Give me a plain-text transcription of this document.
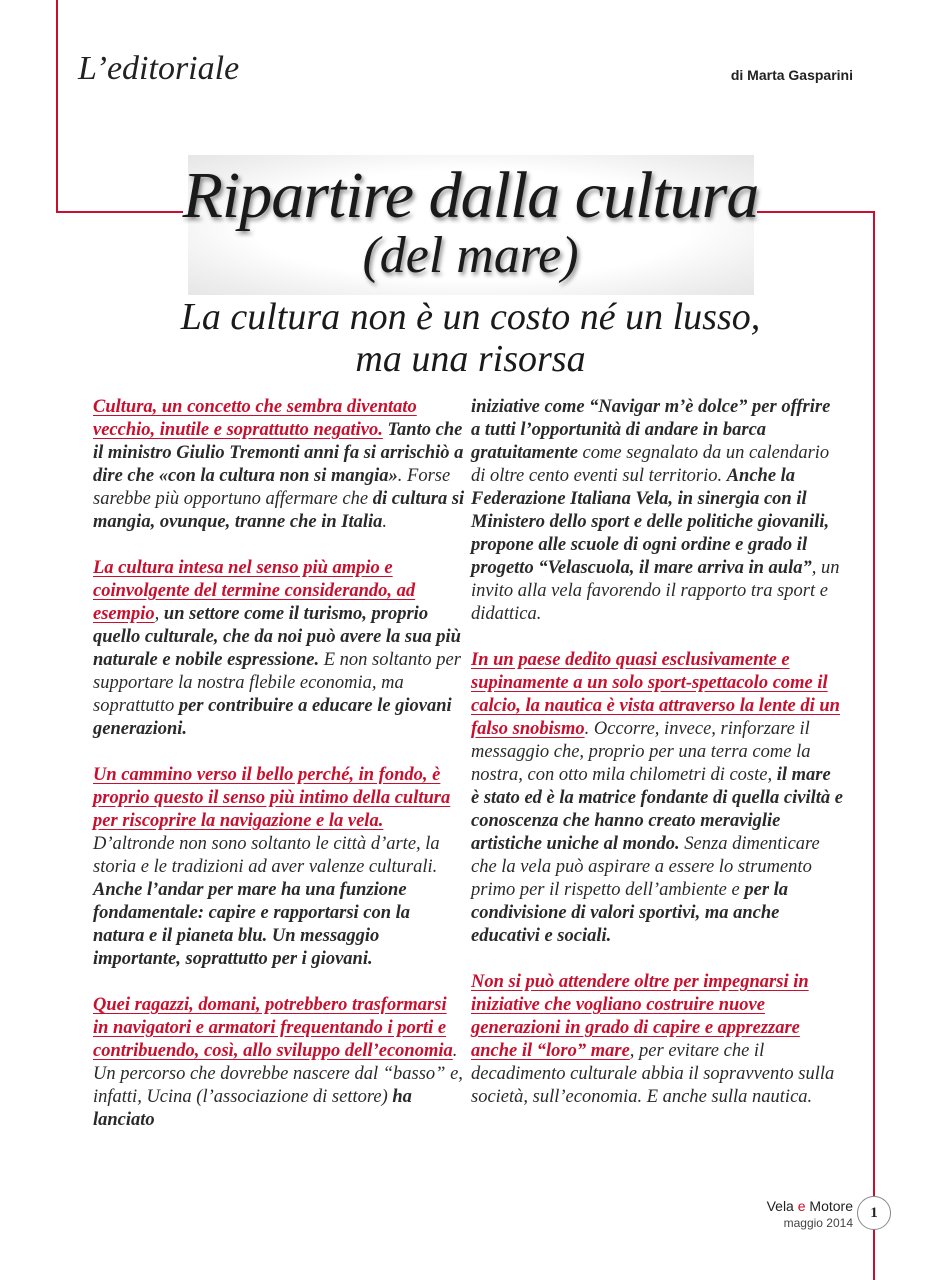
L’editoriale	di Marta Gasparini
Ripartire dalla cultura
(del mare)
La cultura non è un costo né un lusso,
ma una risorsa

Cultura, un concetto che sembra diventato vecchio, inutile e soprattutto negativo. Tanto che il ministro Giulio Tremonti anni fa si arrischiò a dire che «con la cultura non si mangia». Forse sarebbe più opportuno affermare che di cultura si mangia, ovunque, tranne che in Italia.

La cultura intesa nel senso più ampio e coinvolgente del termine considerando, ad esempio, un settore come il turismo, proprio quello culturale, che da noi può avere la sua più naturale e nobile espressione. E non soltanto per supportare la nostra flebile economia, ma soprattutto per contribuire a educare le giovani generazioni.

Un cammino verso il bello perché, in fondo, è proprio questo il senso più intimo della cultura per riscoprire la navigazione e la vela. D’altronde non sono soltanto le città d’arte, la storia e le tradizioni ad aver valenze culturali. Anche l’andar per mare ha una funzione fondamentale: capire e rapportarsi con la natura e il pianeta blu. Un messaggio importante, soprattutto per i giovani.

Quei ragazzi, domani, potrebbero trasformarsi in navigatori e armatori frequentando i porti e contribuendo, così, allo sviluppo dell’economia. Un percorso che dovrebbe nascere dal “basso” e, infatti, Ucina (l’associazione di settore) ha lanciato

iniziative come “Navigar m’è dolce” per offrire a tutti l’opportunità di andare in barca gratuitamente come segnalato da un calendario di oltre cento eventi sul territorio. Anche la Federazione Italiana Vela, in sinergia con il Ministero dello sport e delle politiche giovanili, propone alle scuole di ogni ordine e grado il progetto “Velascuola, il mare arriva in aula”, un invito alla vela favorendo il rapporto tra sport e didattica.

In un paese dedito quasi esclusivamente e supinamente a un solo sport-spettacolo come il calcio, la nautica è vista attraverso la lente di un falso snobismo. Occorre, invece, rinforzare il messaggio che, proprio per una terra come la nostra, con otto mila chilometri di coste, il mare è stato ed è la matrice fondante di quella civiltà e conoscenza che hanno creato meraviglie artistiche uniche al mondo. Senza dimenticare che la vela può aspirare a essere lo strumento primo per il rispetto dell’ambiente e per la condivisione di valori sportivi, ma anche educativi e sociali.

Non si può attendere oltre per impegnarsi in iniziative che vogliano costruire nuove generazioni in grado di capire e apprezzare anche il “loro” mare, per evitare che il decadimento culturale abbia il sopravvento sulla società, sull’economia. E anche sulla nautica.

Vela e Motore
maggio 2014
1
